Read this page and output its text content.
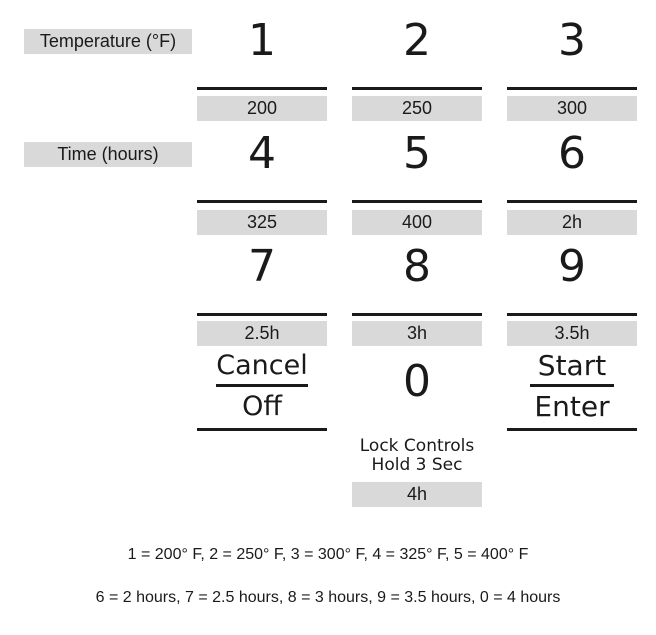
Temperature (°F)
Time (hours)
1	2	3
200	250	300
4	5	6
325	400	2h
7	8	9
2.5h	3h	3.5h
Cancel
Off	0	Start
Enter
Lock Controls
Hold 3 Sec
4h
1 = 200° F, 2 = 250° F, 3 = 300° F, 4 = 325° F, 5 = 400° F
6 = 2 hours, 7 = 2.5 hours, 8 = 3 hours, 9 = 3.5 hours, 0 = 4 hours
